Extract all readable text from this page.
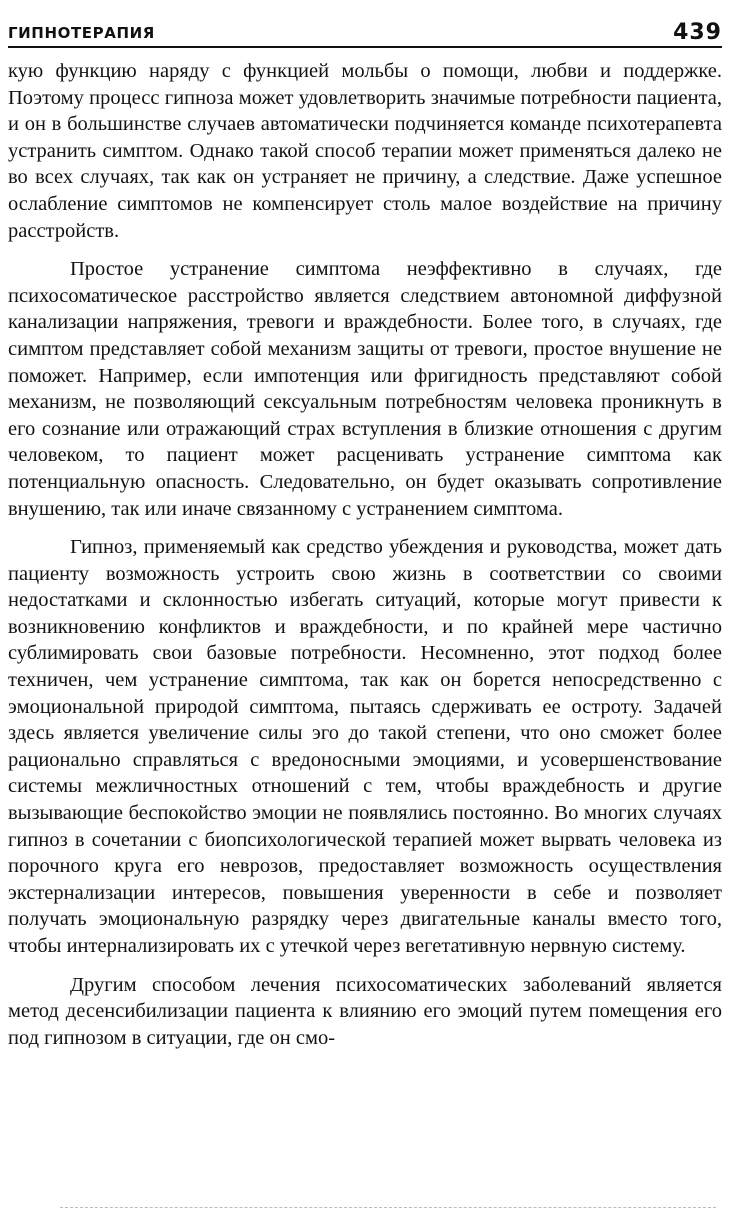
ГИПНОТЕРАПИЯ	439

кую функцию наряду с функцией мольбы о помощи, любви и поддержке. Поэтому процесс гипноза может удовлетворить значимые потребности пациента, и он в большинстве случаев автоматически подчиняется команде психотерапевта устранить симптом. Однако такой способ терапии может применяться далеко не во всех случаях, так как он устраняет не причину, а следствие. Даже успешное ослабление симптомов не компенсирует столь малое воздействие на причину расстройств.

Простое устранение симптома неэффективно в случаях, где психосоматическое расстройство является следствием автономной диффузной канализации напряжения, тревоги и враждебности. Более того, в случаях, где симптом представляет собой механизм защиты от тревоги, простое внушение не поможет. Например, если импотенция или фригидность представляют собой механизм, не позволяющий сексуальным потребностям человека проникнуть в его сознание или отражающий страх вступления в близкие отношения с другим человеком, то пациент может расценивать устранение симптома как потенциальную опасность. Следовательно, он будет оказывать сопротивление внушению, так или иначе связанному с устранением симптома.

Гипноз, применяемый как средство убеждения и руководства, может дать пациенту возможность устроить свою жизнь в соответствии со своими недостатками и склонностью избегать ситуаций, которые могут привести к возникновению конфликтов и враждебности, и по крайней мере частично сублимировать свои базовые потребности. Несомненно, этот подход более техничен, чем устранение симптома, так как он борется непосредственно с эмоциональной природой симптома, пытаясь сдерживать ее остроту. Задачей здесь является увеличение силы эго до такой степени, что оно сможет более рационально справляться с вредоносными эмоциями, и усовершенствование системы межличностных отношений с тем, чтобы враждебность и другие вызывающие беспокойство эмоции не появлялись постоянно. Во многих случаях гипноз в сочетании с биопсихологической терапией может вырвать человека из порочного круга его неврозов, предоставляет возможность осуществления экстернализации интересов, повышения уверенности в себе и позволяет получать эмоциональную разрядку через двигательные каналы вместо того, чтобы интернализировать их с утечкой через вегетативную нервную систему.

Другим способом лечения психосоматических заболеваний является метод десенсибилизации пациента к влиянию его эмоций путем помещения его под гипнозом в ситуации, где он смо-
